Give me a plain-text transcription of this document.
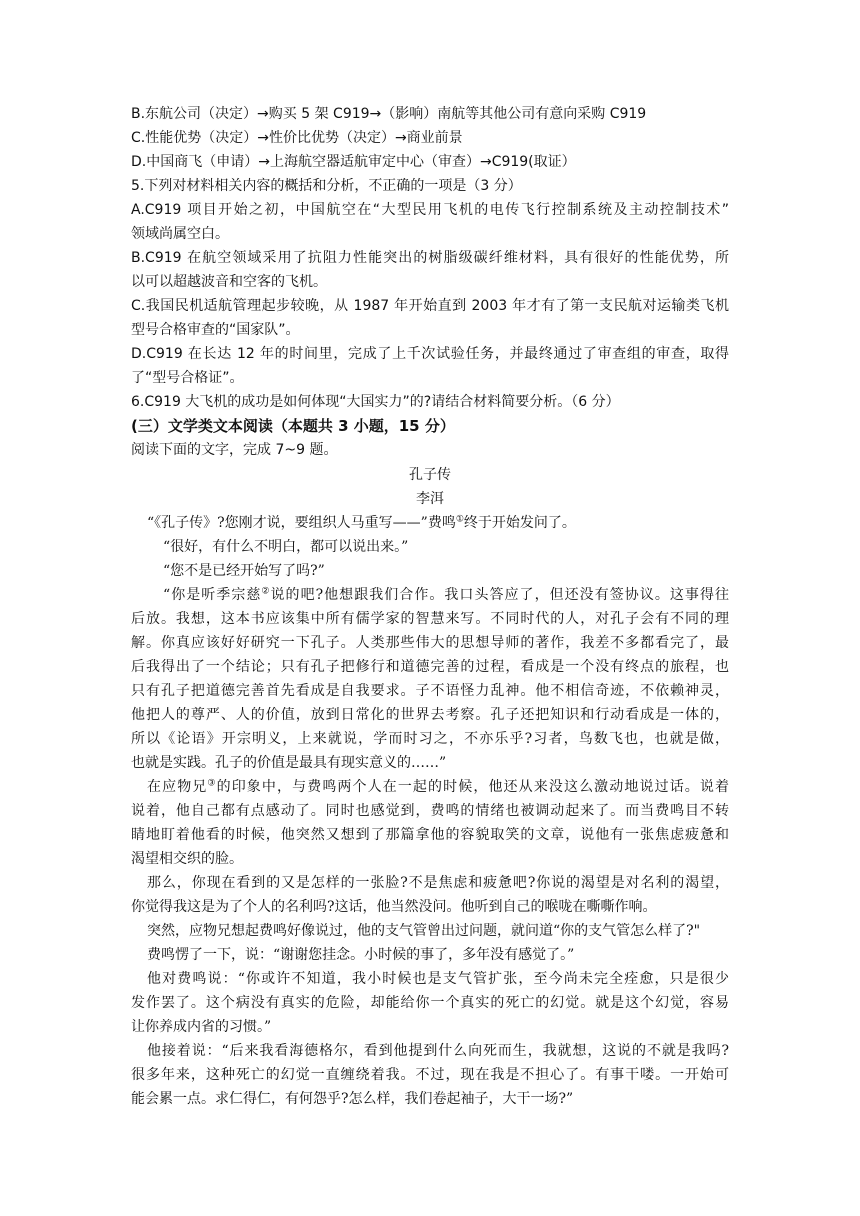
B.东航公司（决定）→购买 5 架 C919→（影响）南航等其他公司有意向采购 C919
C.性能优势（决定）→性价比优势（决定）→商业前景
D.中国商飞（申请）→上海航空器适航审定中心（审查）→C919(取证）
5.下列对材料相关内容的概括和分析，不正确的一项是（3 分）
A.C919 项目开始之初，中国航空在“大型民用飞机的电传飞行控制系统及主动控制技术”
领域尚属空白。
B.C919 在航空领域采用了抗阻力性能突出的树脂级碳纤维材料，具有很好的性能优势，所
以可以超越波音和空客的飞机。
C.我国民机适航管理起步较晚，从 1987 年开始直到 2003 年才有了第一支民航对运输类飞机
型号合格审查的“国家队”。
D.C919 在长达 12 年的时间里，完成了上千次试验任务，并最终通过了审查组的审查，取得
了“型号合格证”。
6.C919 大飞机的成功是如何体现“大国实力”的?请结合材料简要分析。（6 分）
(三）文学类文本阅读（本题共 3 小题，15 分）
阅读下面的文字，完成 7~9 题。
孔子传
李洱
“《孔子传》?您刚才说，要组织人马重写——”费鸣①终于开始发问了。
“很好，有什么不明白，都可以说出来。”
“您不是已经开始写了吗?”
“你是听季宗慈②说的吧?他想跟我们合作。我口头答应了，但还没有签协议。这事得往
后放。我想，这本书应该集中所有儒学家的智慧来写。不同时代的人，对孔子会有不同的理
解。你真应该好好研究一下孔子。人类那些伟大的思想导师的著作，我差不多都看完了，最
后我得出了一个结论；只有孔子把修行和道德完善的过程，看成是一个没有终点的旅程，也
只有孔子把道德完善首先看成是自我要求。子不语怪力乱神。他不相信奇迹，不依赖神灵，
他把人的尊严、人的价值，放到日常化的世界去考察。孔子还把知识和行动看成是一体的，
所以《论语》开宗明义，上来就说，学而时习之，不亦乐乎?习者，鸟数飞也，也就是做，
也就是实践。孔子的价值是最具有现实意义的……”
在应物兄③的印象中，与费鸣两个人在一起的时候，他还从来没这么激动地说过话。说着
说着，他自己都有点感动了。同时也感觉到，费鸣的情绪也被调动起来了。而当费鸣目不转
睛地盯着他看的时候，他突然又想到了那篇拿他的容貌取笑的文章，说他有一张焦虑疲惫和
渴望相交织的脸。
那么，你现在看到的又是怎样的一张脸?不是焦虑和疲惫吧?你说的渴望是对名利的渴望，
你觉得我这是为了个人的名利吗?这话，他当然没问。他听到自己的喉咙在嘶嘶作响。
突然，应物兄想起费鸣好像说过，他的支气管曾出过问题，就问道“你的支气管怎么样了?"
费鸣愣了一下，说：“谢谢您挂念。小时候的事了，多年没有感觉了。”
他对费鸣说：“你或许不知道，我小时候也是支气管扩张，至今尚未完全痊愈，只是很少
发作罢了。这个病没有真实的危险，却能给你一个真实的死亡的幻觉。就是这个幻觉，容易
让你养成内省的习惯。”
他接着说：“后来我看海德格尔，看到他提到什么向死而生，我就想，这说的不就是我吗?
很多年来，这种死亡的幻觉一直缠绕着我。不过，现在我是不担心了。有事干喽。一开始可
能会累一点。求仁得仁，有何怨乎?怎么样，我们卷起袖子，大干一场?”
